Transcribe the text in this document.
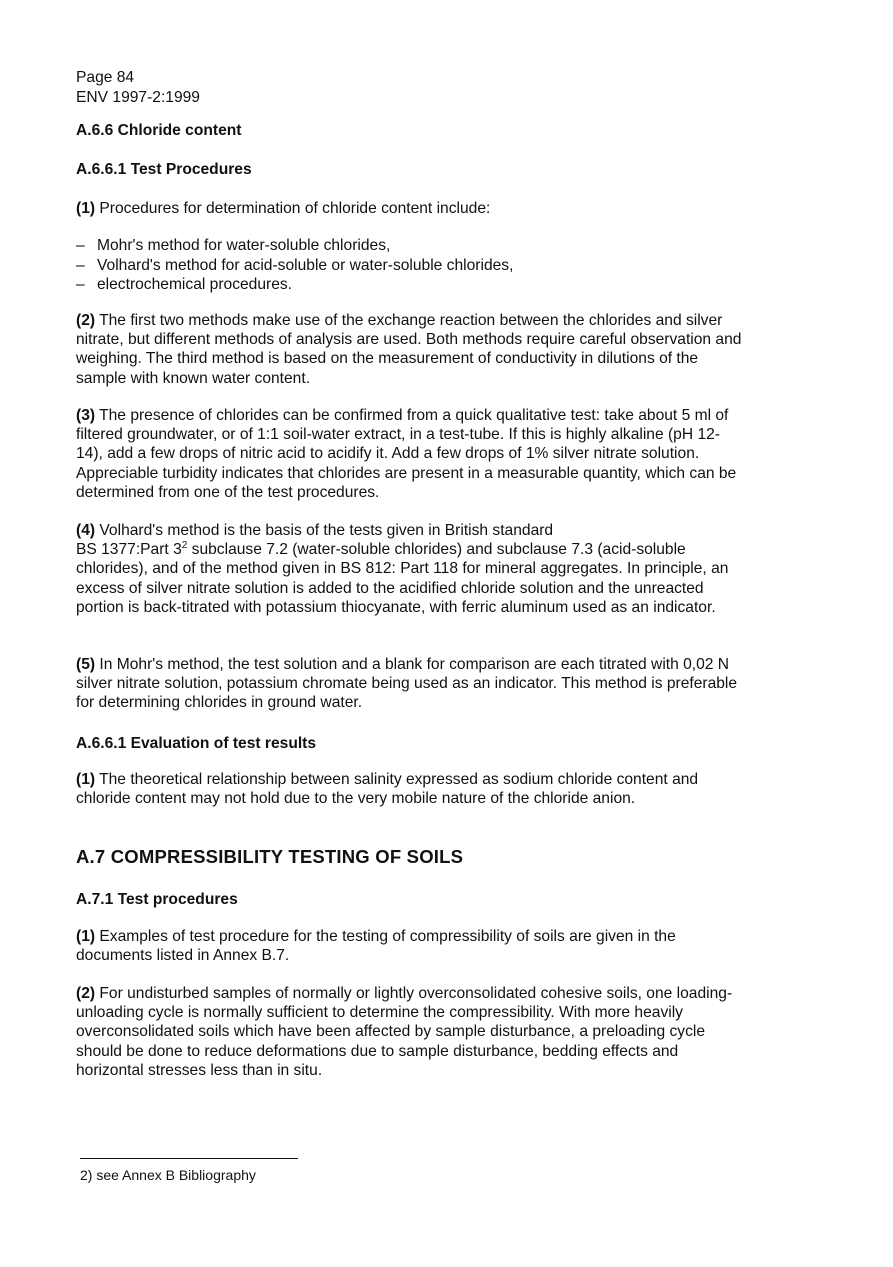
Page 84
ENV 1997-2:1999
A.6.6 Chloride content
A.6.6.1 Test Procedures

(1) Procedures for determination of chloride content include:

– Mohr's method for water-soluble chlorides,
– Volhard's method for acid-soluble or water-soluble chlorides,
– electrochemical procedures.

(2) The first two methods make use of the exchange reaction between the chlorides and silver nitrate, but different methods of analysis are used. Both methods require careful observation and weighing. The third method is based on the measurement of conductivity in dilutions of the sample with known water content.

(3) The presence of chlorides can be confirmed from a quick qualitative test: take about 5 ml of filtered groundwater, or of 1:1 soil-water extract, in a test-tube. If this is highly alkaline (pH 12-14), add a few drops of nitric acid to acidify it. Add a few drops of 1% silver nitrate solution. Appreciable turbidity indicates that chlorides are present in a measurable quantity, which can be determined from one of the test procedures.

(4) Volhard's method is the basis of the tests given in British standard
BS 1377:Part $3^2$ subclause 7.2 (water-soluble chlorides) and subclause 7.3 (acid-soluble chlorides), and of the method given in BS 812: Part 118 for mineral aggregates. In principle, an excess of silver nitrate solution is added to the acidified chloride solution and the unreacted portion is back-titrated with potassium thiocyanate, with ferric aluminum used as an indicator.

(5) In Mohr's method, the test solution and a blank for comparison are each titrated with 0,02 N silver nitrate solution, potassium chromate being used as an indicator. This method is preferable for determining chlorides in ground water.

A.6.6.1 Evaluation of test results

(1) The theoretical relationship between salinity expressed as sodium chloride content and chloride content may not hold due to the very mobile nature of the chloride anion.

A.7 COMPRESSIBILITY TESTING OF SOILS
A.7.1 Test procedures

(1) Examples of test procedure for the testing of compressibility of soils are given in the documents listed in Annex B.7.

(2) For undisturbed samples of normally or lightly overconsolidated cohesive soils, one loading-unloading cycle is normally sufficient to determine the compressibility. With more heavily overconsolidated soils which have been affected by sample disturbance, a preloading cycle should be done to reduce deformations due to sample disturbance, bedding effects and horizontal stresses less than in situ.

2) see Annex B Bibliography
